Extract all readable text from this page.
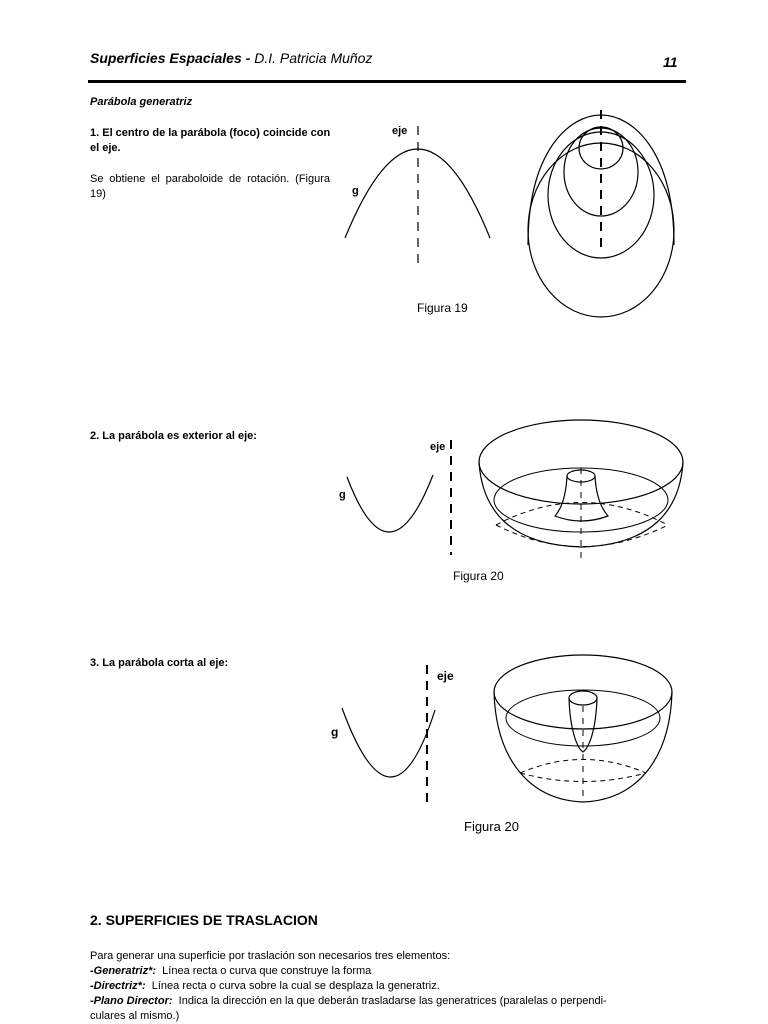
Superficies Espaciales - D.I. Patricia Muñoz	11
Parábola generatriz
1. El centro de la parábola (foco) coincide con el eje.
Se obtiene el paraboloide de rotación. (Figura 19)
eje
g
Figura 19
2. La parábola es exterior al eje:
eje
g
Figura 20
3. La parábola corta al eje:
eje
g
Figura 20
2. SUPERFICIES DE TRASLACION
Para generar una superficie por traslación son necesarios tres elementos:
-Generatriz*: Línea recta o curva que construye la forma
-Directriz*: Línea recta o curva sobre la cual se desplaza la generatriz.
-Plano Director: Indica la dirección en la que deberán trasladarse las generatrices (paralelas o perpendi-
culares al mismo.)
